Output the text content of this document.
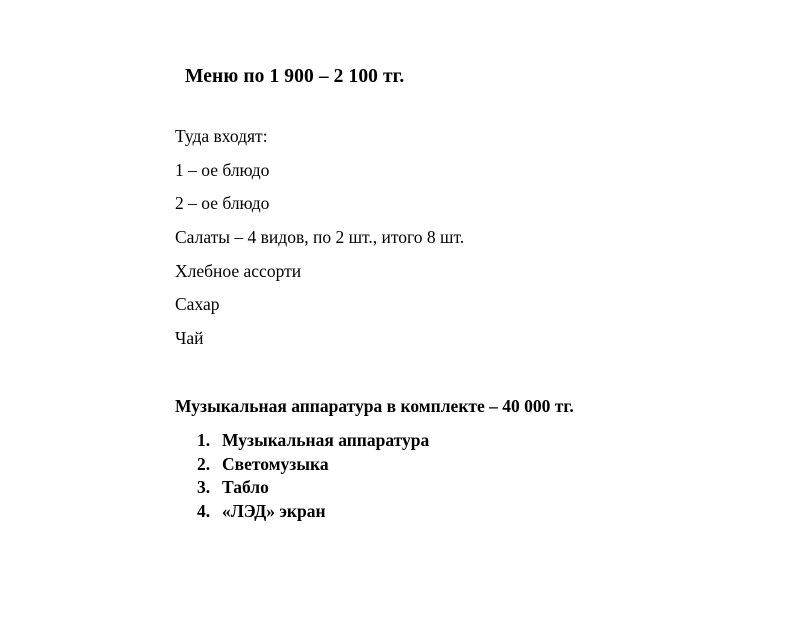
Меню по 1 900 – 2 100 тг.
Туда входят:
1 – ое блюдо
2 – ое блюдо
Салаты – 4 видов, по 2 шт., итого 8 шт.
Хлебное ассорти
Сахар
Чай
Музыкальная аппаратура в комплекте – 40 000 тг.
1. Музыкальная аппаратура
2. Светомузыка
3. Табло
4. «ЛЭД» экран
